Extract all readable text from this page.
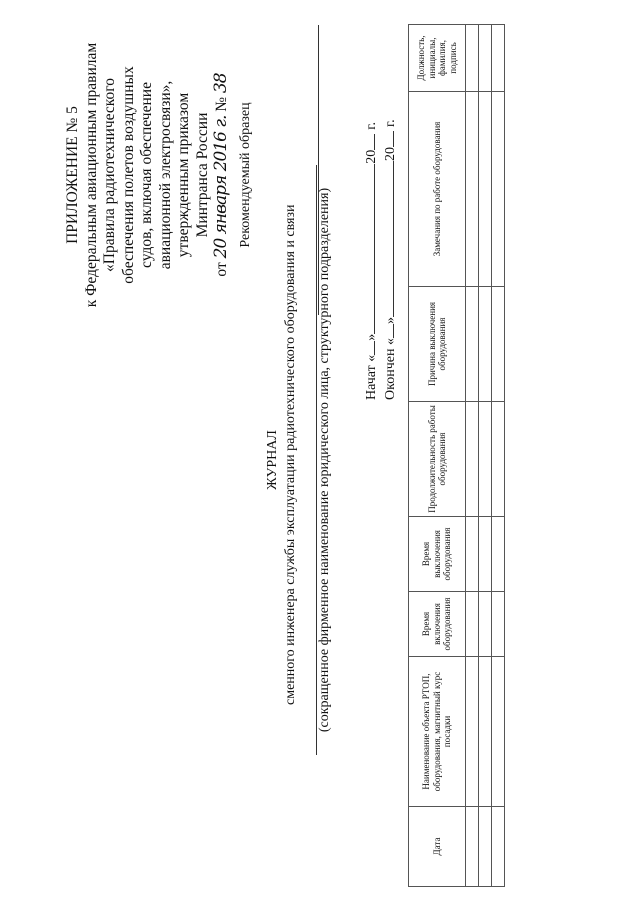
ПРИЛОЖЕНИЕ № 5 к Федеральным авиационным правилам «Правила радиотехнического обеспечения полетов воздушных судов, включая обеспечение авиационной электросвязи», утвержденным приказом Минтранса России
от 20 января 2016 г. № 38
Рекомендуемый образец
ЖУРНАЛ сменного инженера службы эксплуатации радиотехнического оборудования и связи (сокращенное фирменное наименование юридического лица, структурного подразделения) Начат «
»
20
г.
Окончен «
»
20
г.
Дата	Наименование объекта РТОП, оборудования, магнитный курс посадки	Время включения оборудования	Время выключения оборудования	Продолжительность работы оборудования	Причина выключения оборудования	Замечания по работе оборудования	Должность, инициалы, фамилия, подпись
